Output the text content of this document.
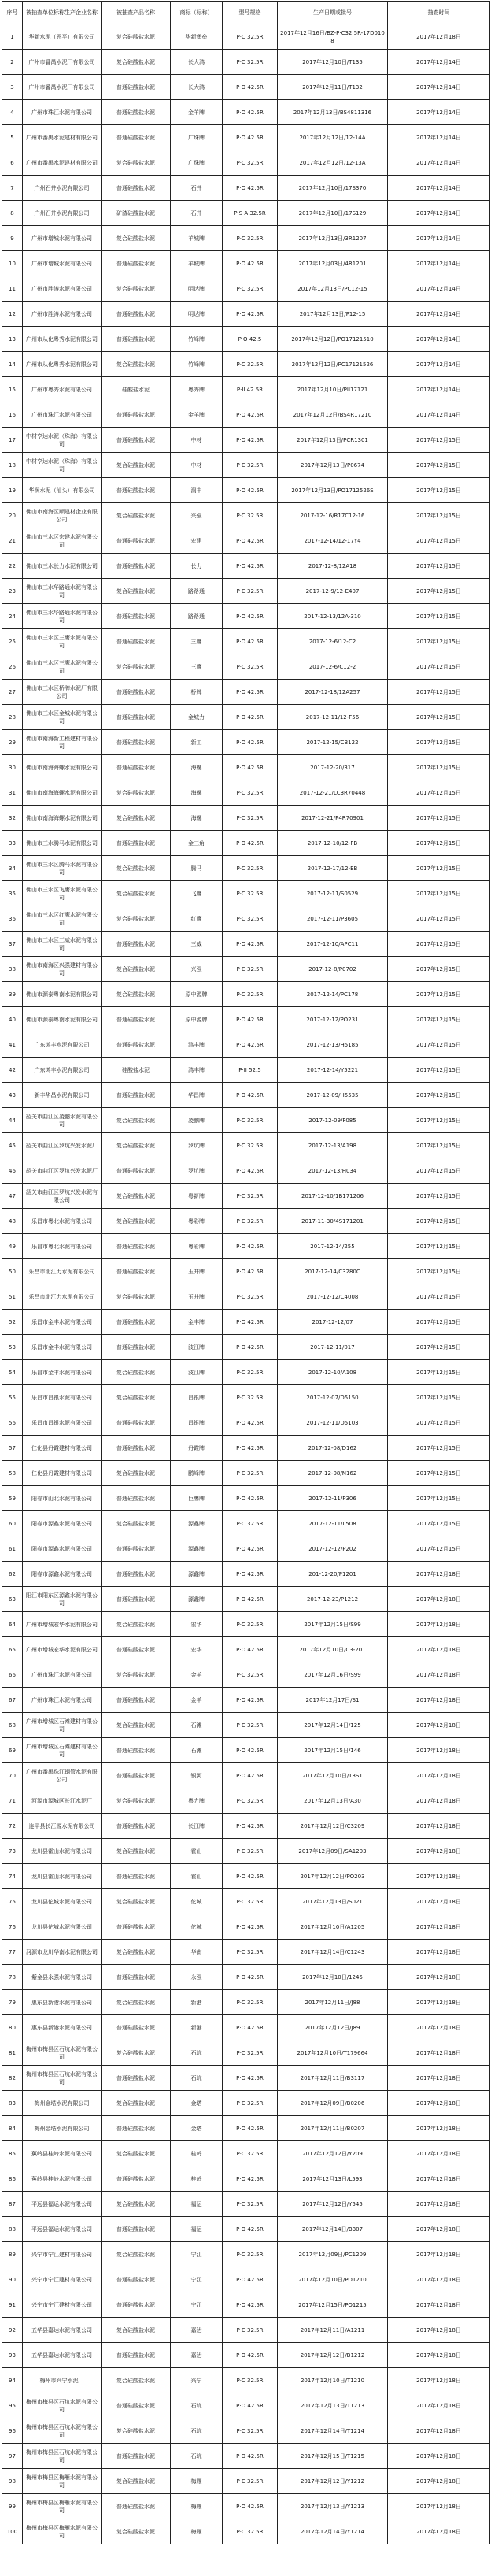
序号	被抽查单位标称生产企业名称	被抽查产品名称	商标（标称）	型号规格	生产日期或批号	抽查时间
1	华新水泥（恩平）有限公司	复合硅酸盐水泥	华新堡垒	P·C 32.5R	2017年12月16日/BZ-P·C32.5R-17D0108	2017年12月18日
2	广州市番禺水泥厂有限公司	复合硅酸盐水泥	长大鸿	P·C 32.5R	2017年12月10日/T135	2017年12月14日
3	广州市番禺水泥厂有限公司	普通硅酸盐水泥	长大鸿	P·O 42.5R	2017年12月11日/T132	2017年12月14日
4	广州市珠江水泥有限公司	普通硅酸盐水泥	金羊牌	P·O 42.5R	2017年12月13日/BS4811316	2017年12月14日
5	广州市番禺水泥建材有限公司	普通硅酸盐水泥	广珠牌	P·O 42.5R	2017年12月12日/12-14A	2017年12月14日
6	广州市番禺水泥建材有限公司	复合硅酸盐水泥	广珠牌	P·C 32.5R	2017年12月12日/12-13A	2017年12月14日
7	广州石井水泥有限公司	普通硅酸盐水泥	石井	P·O 42.5R	2017年12月10日/17S370	2017年12月14日
8	广州石井水泥有限公司	矿渣硅酸盐水泥	石井	P·S·A 32.5R	2017年12月10日/17S129	2017年12月14日
9	广州市增城水泥有限公司	复合硅酸盐水泥	羊城牌	P·C 32.5R	2017年12月13日/3R1207	2017年12月14日
10	广州市增城水泥有限公司	普通硅酸盐水泥	羊城牌	P·O 42.5R	2017年12月03日/4R1201	2017年12月14日
11	广州市胜涛水泥有限公司	复合硅酸盐水泥	明达牌	P·C 32.5R	2017年12月13日/PC12-15	2017年12月14日
12	广州市胜涛水泥有限公司	普通硅酸盐水泥	明达牌	P·O 42.5R	2017年12月13日/P12-15	2017年12月14日
13	广州市从化粤秀水泥有限公司	普通硅酸盐水泥	竹峰牌	P·O 42.5	2017年12月12日/PO17121510	2017年12月14日
14	广州市从化粤秀水泥有限公司	复合硅酸盐水泥	竹峰牌	P·C 32.5R	2017年12月12日/PC17121526	2017年12月14日
15	广州市粤秀水泥有限公司	硅酸盐水泥	粤秀牌	P·II 42.5R	2017年12月10日/PII17121	2017年12月14日
16	广州市珠江水泥有限公司	普通硅酸盐水泥	金羊牌	P·O 42.5R	2017年12月12日/BS4R17210	2017年12月14日
17	中材亨达水泥（珠海）有限公司	普通硅酸盐水泥	中材	P·O 42.5R	2017年12月13日/PCR1301	2017年12月15日
18	中材亨达水泥（珠海）有限公司	复合硅酸盐水泥	中材	P·C 32.5R	2017年12月13日/P0674	2017年12月15日
19	华润水泥（汕头）有限公司	普通硅酸盐水泥	润丰	P·O 42.5R	2017年12月13日/PO1712526S	2017年12月15日
20	佛山市南海区顺建材企业有限公司	复合硅酸盐水泥	兴强	P·C 32.5R	2017-12-16/R17C12-16	2017年12月15日
21	佛山市三水区宏建水泥有限公司	普通硅酸盐水泥	宏建	P·O 42.5R	2017-12-14/12-17Y4	2017年12月15日
22	佛山市三水长力水泥有限公司	普通硅酸盐水泥	长力	P·O 42.5R	2017-12-8/12A18	2017年12月15日
23	佛山市三水华路通水泥有限公司	复合硅酸盐水泥	路路通	P·C 32.5R	2017-12-9/12-E407	2017年12月15日
24	佛山市三水华路通水泥有限公司	普通硅酸盐水泥	路路通	P·O 42.5R	2017-12-13/12A-310	2017年12月15日
25	佛山市三水区三鹰水泥有限公司	普通硅酸盐水泥	三鹰	P·O 42.5R	2017-12-6/12-C2	2017年12月15日
26	佛山市三水区三鹰水泥有限公司	复合硅酸盐水泥	三鹰	P·C 32.5R	2017-12-6/C12-2	2017年12月15日
27	佛山市三水区桥牌水泥厂有限公司	普通硅酸盐水泥	桥牌	P·O 42.5R	2017-12-18/12A257	2017年12月15日
28	佛山市三水区金城水泥有限公司	普通硅酸盐水泥	金城力	P·O 42.5R	2017-12-11/12-F56	2017年12月15日
29	佛山市南海新工程建材有限公司	普通硅酸盐水泥	新工	P·O 42.5R	2017-12-15/CB122	2017年12月15日
30	佛山市南海海螺水泥有限公司	普通硅酸盐水泥	海螺	P·O 42.5R	2017-12-20/317	2017年12月15日
31	佛山市南海海螺水泥有限公司	复合硅酸盐水泥	海螺	P·C 32.5R	2017-12-21/LC3R70448	2017年12月15日
32	佛山市南海海螺水泥有限公司	复合硅酸盐水泥	海螺	P·C 32.5R	2017-12-21/P4R70901	2017年12月15日
33	佛山市三水腾马水泥有限公司	普通硅酸盐水泥	金三角	P·O 42.5R	2017-12-10/12-FB	2017年12月15日
34	佛山市三水区腾马水泥有限公司	复合硅酸盐水泥	腾马	P·C 32.5R	2017-12-17/12-EB	2017年12月15日
35	佛山市三水区飞鹰水泥有限公司	复合硅酸盐水泥	飞鹰	P·C 32.5R	2017-12-11/S0529	2017年12月15日
36	佛山市三水区红鹰水泥有限公司	复合硅酸盐水泥	红鹰	P·C 32.5R	2017-12-11/P3605	2017年12月15日
37	佛山市三水区三威水泥有限公司	普通硅酸盐水泥	三威	P·O 42.5R	2017-12-10/APC11	2017年12月15日
38	佛山市南海区兴强建材有限公司	复合硅酸盐水泥	兴强	P·C 32.5R	2017-12-8/P0702	2017年12月15日
39	佛山市源泰粤南水泥有限公司	复合硅酸盐水泥	原中源牌	P·C 32.5R	2017-12-14/PC178	2017年12月15日
40	佛山市源泰粤南水泥有限公司	普通硅酸盐水泥	原中源牌	P·O 42.5R	2017-12-12/PO231	2017年12月15日
41	广东鸿丰水泥有限公司	普通硅酸盐水泥	鸿丰牌	P·O 42.5R	2017-12-13/H5185	2017年12月15日
42	广东鸿丰水泥有限公司	硅酸盐水泥	鸿丰牌	P·II 52.5	2017-12-14/Y5221	2017年12月15日
43	新丰华昌水泥有限公司	普通硅酸盐水泥	华昌牌	P·O 42.5R	2017-12-09/H5535	2017年12月15日
44	韶关市曲江区凌鹏水泥有限公司	复合硅酸盐水泥	凌鹏牌	P·C 32.5R	2017-12-09/F085	2017年12月15日
45	韶关市曲江区罗坑兴发水泥厂	复合硅酸盐水泥	罗坑牌	P·C 32.5R	2017-12-13/A198	2017年12月15日
46	韶关市曲江区罗坑兴发水泥厂	普通硅酸盐水泥	罗坑牌	P·O 42.5R	2017-12-13/H034	2017年12月15日
47	韶关市曲江区罗坑兴发水泥有限公司	复合硅酸盐水泥	粤新牌	P·C 32.5R	2017-12-10/1B171206	2017年12月15日
48	乐昌市粤北水泥有限公司	复合硅酸盐水泥	粤彩牌	P·C 32.5R	2017-11-30/4S171201	2017年12月15日
49	乐昌市粤北水泥有限公司	普通硅酸盐水泥	粤彩牌	P·O 42.5R	2017-12-14/255	2017年12月15日
50	乐昌市北江力水泥有限公司	普通硅酸盐水泥	玉井牌	P·O 42.5R	2017-12-14/C3280C	2017年12月15日
51	乐昌市北江力水泥有限公司	复合硅酸盐水泥	玉井牌	P·C 32.5R	2017-12-12/C4008	2017年12月15日
52	乐昌市金丰水泥有限公司	普通硅酸盐水泥	金丰牌	P·O 42.5R	2017-12-12/07	2017年12月15日
53	乐昌市金丰水泥有限公司	普通硅酸盐水泥	波江牌	P·O 42.5R	2017-12-11/017	2017年12月15日
54	乐昌市金丰水泥有限公司	复合硅酸盐水泥	波江牌	P·C 32.5R	2017-12-10/A108	2017年12月15日
55	乐昌市昌银水泥有限公司	复合硅酸盐水泥	昌银牌	P·C 32.5R	2017-12-07/D5150	2017年12月15日
56	乐昌市昌银水泥有限公司	普通硅酸盐水泥	昌银牌	P·O 42.5R	2017-12-11/D5103	2017年12月15日
57	仁化县丹霞建材有限公司	普通硅酸盐水泥	丹霞牌	P·O 42.5R	2017-12-08/D162	2017年12月15日
58	仁化县丹霞建材有限公司	复合硅酸盐水泥	鹏峰牌	P·C 32.5R	2017-12-08/N162	2017年12月15日
59	阳春市山北水泥有限公司	普通硅酸盐水泥	巨鹰牌	P·O 42.5R	2017-12-11/P306	2017年12月15日
60	阳春市源鑫水泥有限公司	复合硅酸盐水泥	源鑫牌	P·C 32.5R	2017-12-11/L508	2017年12月15日
61	阳春市源鑫水泥有限公司	普通硅酸盐水泥	源鑫牌	P·O 42.5R	2017-12-12/P202	2017年12月15日
62	阳春市源鑫水泥有限公司	普通硅酸盐水泥	源鑫牌	P·O 42.5R	201-12-20/P1201	2017年12月18日
63	阳江市阳东区源鑫水泥有限公司	普通硅酸盐水泥	源鑫牌	P·O 42.5R	2017-12-23/P1212	2017年12月18日
64	广州市增城宏华水泥有限公司	复合硅酸盐水泥	宏华	P·C 32.5R	2017年12月15日/S99	2017年12月18日
65	广州市增城宏华水泥有限公司	普通硅酸盐水泥	宏华	P·O 42.5R	2017年12月10日/C3-201	2017年12月18日
66	广州市珠江水泥有限公司	复合硅酸盐水泥	金羊	P·C 32.5R	2017年12月16日/S99	2017年12月18日
67	广州市珠江水泥有限公司	普通硅酸盐水泥	金羊	P·O 42.5R	2017年12月17日/S1	2017年12月18日
68	广州市增城区石滩建材有限公司	复合硅酸盐水泥	石滩	P·C 32.5R	2017年12月14日/125	2017年12月18日
69	广州市增城区石滩建材有限公司	普通硅酸盐水泥	石滩	P·O 42.5R	2017年12月15日/146	2017年12月18日
70	广州市番禺珠江钢管水泥有限公司	普通硅酸盐水泥	银河	P·O 42.5R	2017年12月10日/T3S1	2017年12月18日
71	河源市源城区长江水泥厂	复合硅酸盐水泥	粤力牌	P·C 32.5R	2017年12月13日/A30	2017年12月18日
72	连平县长江源水泥有限公司	普通硅酸盐水泥	长江牌	P·O 42.5R	2017年12月12日/C3209	2017年12月18日
73	龙川县霍山水泥有限公司	复合硅酸盐水泥	霍山	P·C 32.5R	2017年12月09日/SA1203	2017年12月18日
74	龙川县霍山水泥有限公司	普通硅酸盐水泥	霍山	P·O 42.5R	2017年12月12日/PO203	2017年12月18日
75	龙川县佗城水泥有限公司	复合硅酸盐水泥	佗城	P·C 32.5R	2017年12月13日/S021	2017年12月18日
76	龙川县佗城水泥有限公司	普通硅酸盐水泥	佗城	P·O 42.5R	2017年12月10日/A1205	2017年12月18日
77	河源市龙川华南水泥有限公司	复合硅酸盐水泥	华南	P·C 32.5R	2017年12月14日/C1243	2017年12月18日
78	紫金县永强水泥有限公司	普通硅酸盐水泥	永强	P·O 42.5R	2017年12月10日/1245	2017年12月18日
79	惠东县新港水泥有限公司	复合硅酸盐水泥	新港	P·C 32.5R	2017年12月11日/J88	2017年12月18日
80	惠东县新港水泥有限公司	普通硅酸盐水泥	新港	P·O 42.5R	2017年12月12日/J89	2017年12月18日
81	梅州市梅县区石坑水泥有限公司	复合硅酸盐水泥	石坑	P·C 32.5R	2017年12月10日/T179664	2017年12月18日
82	梅州市梅县区石坑水泥有限公司	普通硅酸盐水泥	石坑	P·O 42.5R	2017年12月11日/B3117	2017年12月18日
83	梅州金塔水泥有限公司	复合硅酸盐水泥	金塔	P·C 32.5R	2017年12月09日/B0206	2017年12月18日
84	梅州金塔水泥有限公司	普通硅酸盐水泥	金塔	P·O 42.5R	2017年12月11日/B0207	2017年12月18日
85	蕉岭县桂岭水泥有限公司	复合硅酸盐水泥	桂岭	P·C 32.5R	2017年12月12日/Y209	2017年12月18日
86	蕉岭县桂岭水泥有限公司	普通硅酸盐水泥	桂岭	P·O 42.5R	2017年12月13日/L593	2017年12月18日
87	平远县福运水泥有限公司	复合硅酸盐水泥	福运	P·C 32.5R	2017年12月12日/Y545	2017年12月18日
88	平远县福运水泥有限公司	普通硅酸盐水泥	福运	P·O 42.5R	2017年12月14日/B307	2017年12月18日
89	兴宁市宁江建材有限公司	复合硅酸盐水泥	宁江	P·C 32.5R	2017年12月09日/PC1209	2017年12月18日
90	兴宁市宁江建材有限公司	普通硅酸盐水泥	宁江	P·O 42.5R	2017年12月10日/PO1210	2017年12月18日
91	兴宁市宁江建材有限公司	普通硅酸盐水泥	宁江	P·O 42.5R	2017年12月15日/PO1215	2017年12月18日
92	五华县嘉达水泥有限公司	复合硅酸盐水泥	嘉达	P·C 32.5R	2017年12月11日/A1211	2017年12月18日
93	五华县嘉达水泥有限公司	普通硅酸盐水泥	嘉达	P·O 42.5R	2017年12月12日/B1212	2017年12月18日
94	梅州市兴宁水泥厂	复合硅酸盐水泥	兴宁	P·C 32.5R	2017年12月10日/T1210	2017年12月18日
95	梅州市梅县区石坑水泥有限公司	普通硅酸盐水泥	石坑	P·O 42.5R	2017年12月13日/T1213	2017年12月18日
96	梅州市梅县区石坑水泥有限公司	复合硅酸盐水泥	石坑	P·C 32.5R	2017年12月14日/T1214	2017年12月18日
97	梅州市梅县区石坑水泥有限公司	普通硅酸盐水泥	石坑	P·O 42.5R	2017年12月15日/T1215	2017年12月18日
98	梅州市梅县区梅雁水泥有限公司	复合硅酸盐水泥	梅雁	P·C 32.5R	2017年12月12日/Y1212	2017年12月18日
99	梅州市梅县区梅雁水泥有限公司	普通硅酸盐水泥	梅雁	P·O 42.5R	2017年12月13日/Y1213	2017年12月18日
100	梅州市梅县区梅雁水泥有限公司	复合硅酸盐水泥	梅雁	P·C 32.5R	2017年12月14日/Y1214	2017年12月18日
